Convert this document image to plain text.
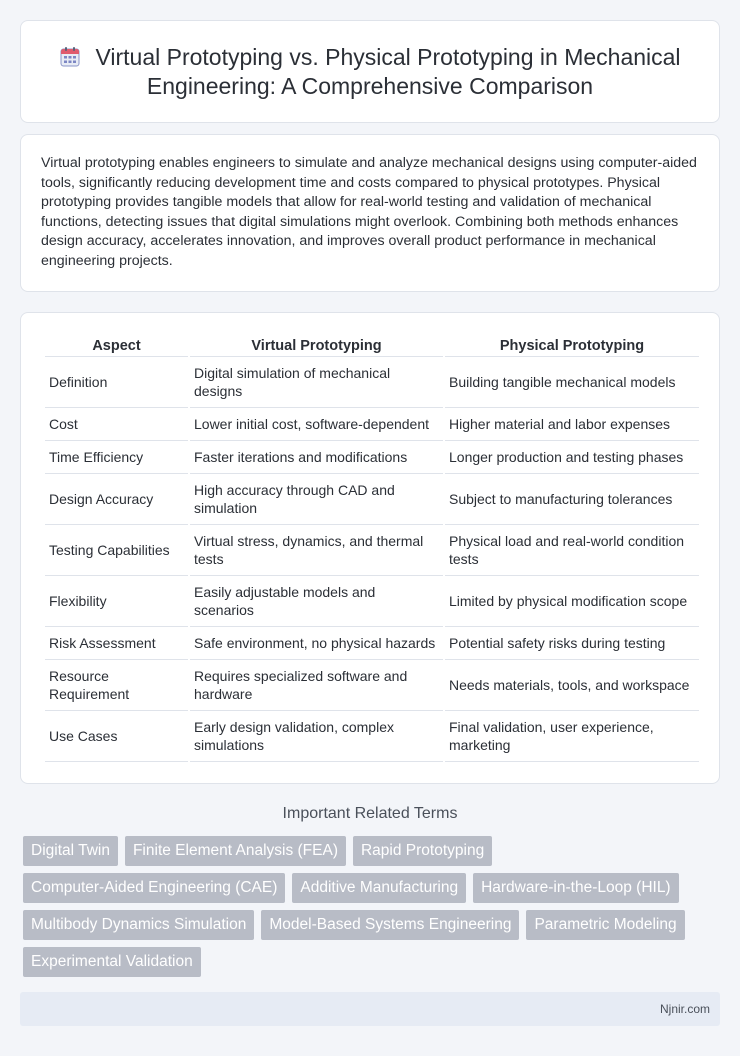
Virtual Prototyping vs. Physical Prototyping in Mechanical Engineering: A Comprehensive Comparison

Virtual prototyping enables engineers to simulate and analyze mechanical designs using computer-aided tools, significantly reducing development time and costs compared to physical prototypes. Physical prototyping provides tangible models that allow for real-world testing and validation of mechanical functions, detecting issues that digital simulations might overlook. Combining both methods enhances design accuracy, accelerates innovation, and improves overall product performance in mechanical engineering projects.

Aspect	Virtual Prototyping	Physical Prototyping
Definition	Digital simulation of mechanical designs	Building tangible mechanical models
Cost	Lower initial cost, software-dependent	Higher material and labor expenses
Time Efficiency	Faster iterations and modifications	Longer production and testing phases
Design Accuracy	High accuracy through CAD and simulation	Subject to manufacturing tolerances
Testing Capabilities	Virtual stress, dynamics, and thermal tests	Physical load and real-world condition tests
Flexibility	Easily adjustable models and scenarios	Limited by physical modification scope
Risk Assessment	Safe environment, no physical hazards	Potential safety risks during testing
Resource Requirement	Requires specialized software and hardware	Needs materials, tools, and workspace
Use Cases	Early design validation, complex simulations	Final validation, user experience, marketing
Important Related Terms
Digital Twin	Finite Element Analysis (FEA)	Rapid Prototyping
Computer-Aided Engineering (CAE)	Additive Manufacturing	Hardware-in-the-Loop (HIL)
Multibody Dynamics Simulation	Model-Based Systems Engineering	Parametric Modeling
Experimental Validation
Njnir.com
